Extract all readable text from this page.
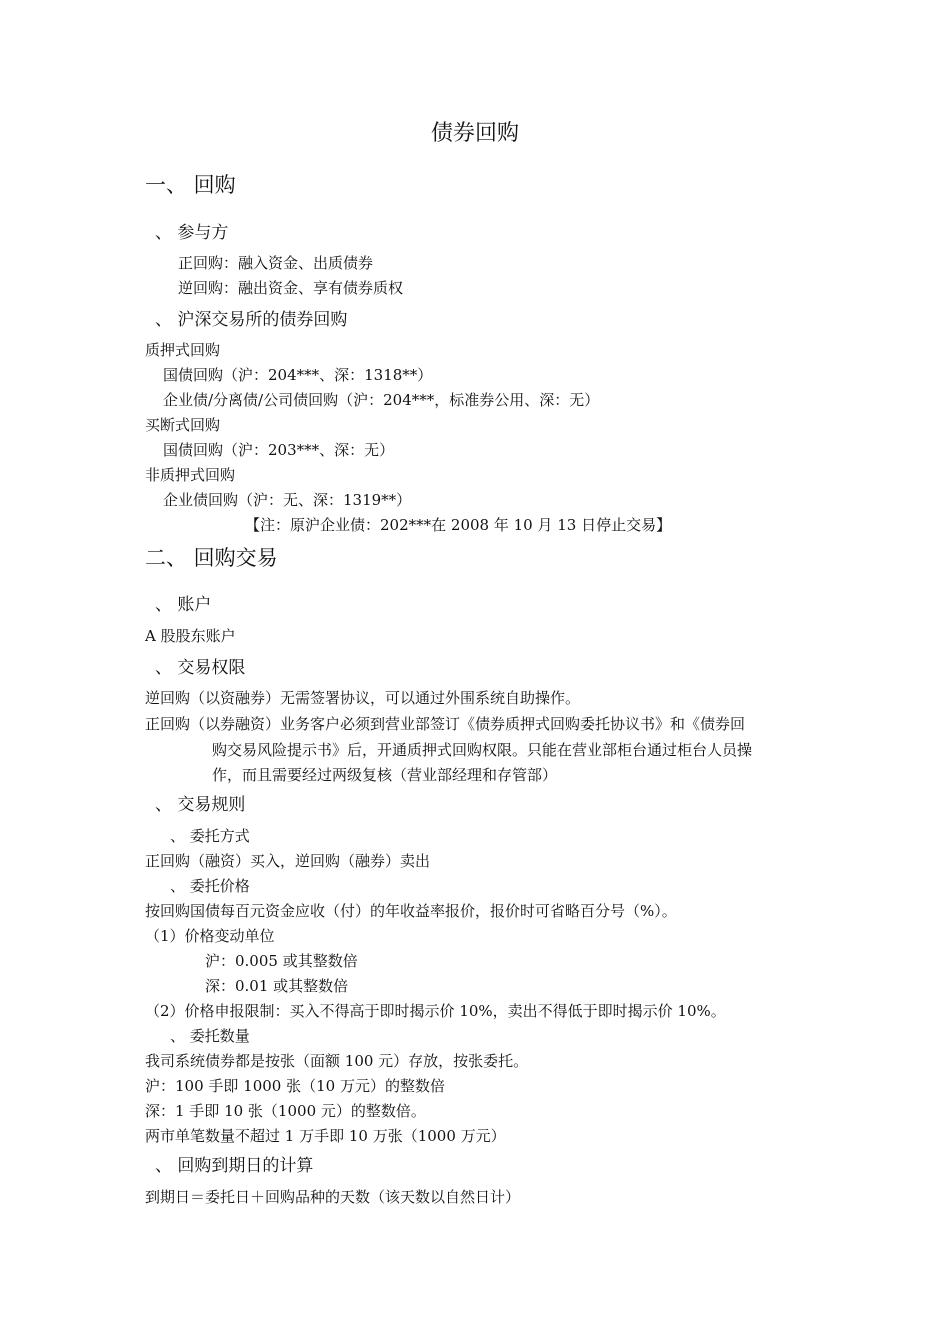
债券回购
一、 回购
、 参与方
正回购：融入资金、出质债券
逆回购：融出资金、享有债券质权
、 沪深交易所的债券回购
质押式回购
国债回购（沪：204***、深：1318**）
企业债/分离债/公司债回购（沪：204***，标准券公用、深：无）
买断式回购
国债回购（沪：203***、深：无）
非质押式回购
企业债回购（沪：无、深：1319**）
【注：原沪企业债：202***在 2008 年 10 月 13 日停止交易】
二、 回购交易
、 账户
A 股股东账户
、 交易权限
逆回购（以资融券）无需签署协议，可以通过外围系统自助操作。
正回购（以券融资）业务客户必须到营业部签订《债券质押式回购委托协议书》和《债券回
购交易风险提示书》后，开通质押式回购权限。只能在营业部柜台通过柜台人员操
作，而且需要经过两级复核（营业部经理和存管部）
、 交易规则
、 委托方式
正回购（融资）买入，逆回购（融券）卖出
、 委托价格
按回购国债每百元资金应收（付）的年收益率报价，报价时可省略百分号（%）。
（1）价格变动单位
沪：0.005 或其整数倍
深：0.01 或其整数倍
（2）价格申报限制：买入不得高于即时揭示价 10%，卖出不得低于即时揭示价 10%。
、 委托数量
我司系统债券都是按张（面额 100 元）存放，按张委托。
沪：100 手即 1000 张（10 万元）的整数倍
深：1 手即 10 张（1000 元）的整数倍。
两市单笔数量不超过 1 万手即 10 万张（1000 万元）
、 回购到期日的计算
到期日＝委托日＋回购品种的天数（该天数以自然日计）
